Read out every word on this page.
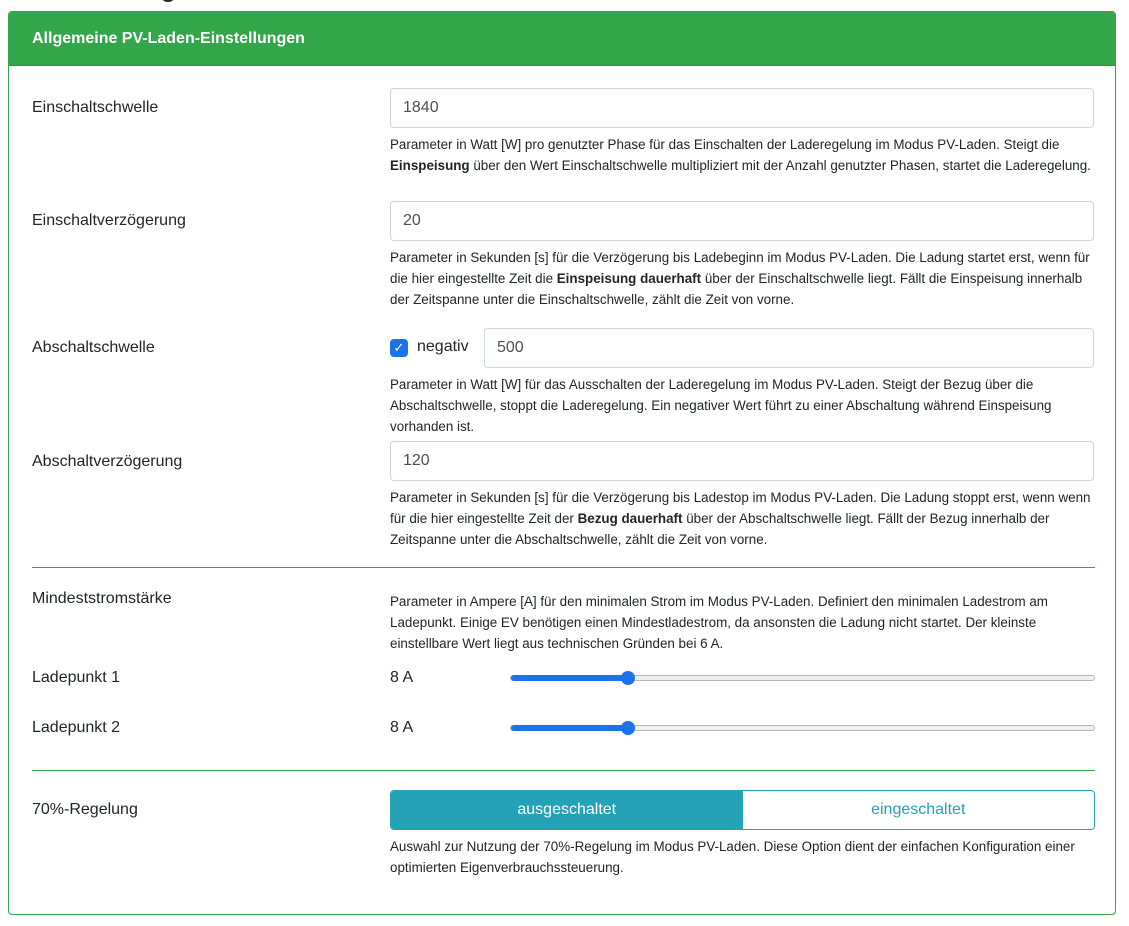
Allgemeine PV-Laden-Einstellungen
Einschaltschwelle
1840
Parameter in Watt [W] pro genutzter Phase für das Einschalten der Laderegelung im Modus PV-Laden. Steigt die Einspeisung über den Wert Einschaltschwelle multipliziert mit der Anzahl genutzter Phasen, startet die Laderegelung.
Einschaltverzögerung
20
Parameter in Sekunden [s] für die Verzögerung bis Ladebeginn im Modus PV-Laden. Die Ladung startet erst, wenn für die hier eingestellte Zeit die Einspeisung dauerhaft über der Einschaltschwelle liegt. Fällt die Einspeisung innerhalb der Zeitspanne unter die Einschaltschwelle, zählt die Zeit von vorne.
Abschaltschwelle	✓ negativ
500
Parameter in Watt [W] für das Ausschalten der Laderegelung im Modus PV-Laden. Steigt der Bezug über die Abschaltschwelle, stoppt die Laderegelung. Ein negativer Wert führt zu einer Abschaltung während Einspeisung vorhanden ist.
Abschaltverzögerung
120
Parameter in Sekunden [s] für die Verzögerung bis Ladestop im Modus PV-Laden. Die Ladung stoppt erst, wenn wenn für die hier eingestellte Zeit der Bezug dauerhaft über der Abschaltschwelle liegt. Fällt der Bezug innerhalb der Zeitspanne unter die Abschaltschwelle, zählt die Zeit von vorne.
Mindeststromstärke	Parameter in Ampere [A] für den minimalen Strom im Modus PV-Laden. Definiert den minimalen Ladestrom am Ladepunkt. Einige EV benötigen einen Mindestladestrom, da ansonsten die Ladung nicht startet. Der kleinste einstellbare Wert liegt aus technischen Gründen bei 6 A.
Ladepunkt 1	8 A
Ladepunkt 2	8 A
70%-Regelung	ausgeschaltet	eingeschaltet
Auswahl zur Nutzung der 70%-Regelung im Modus PV-Laden. Diese Option dient der einfachen Konfiguration einer optimierten Eigenverbrauchssteuerung.
